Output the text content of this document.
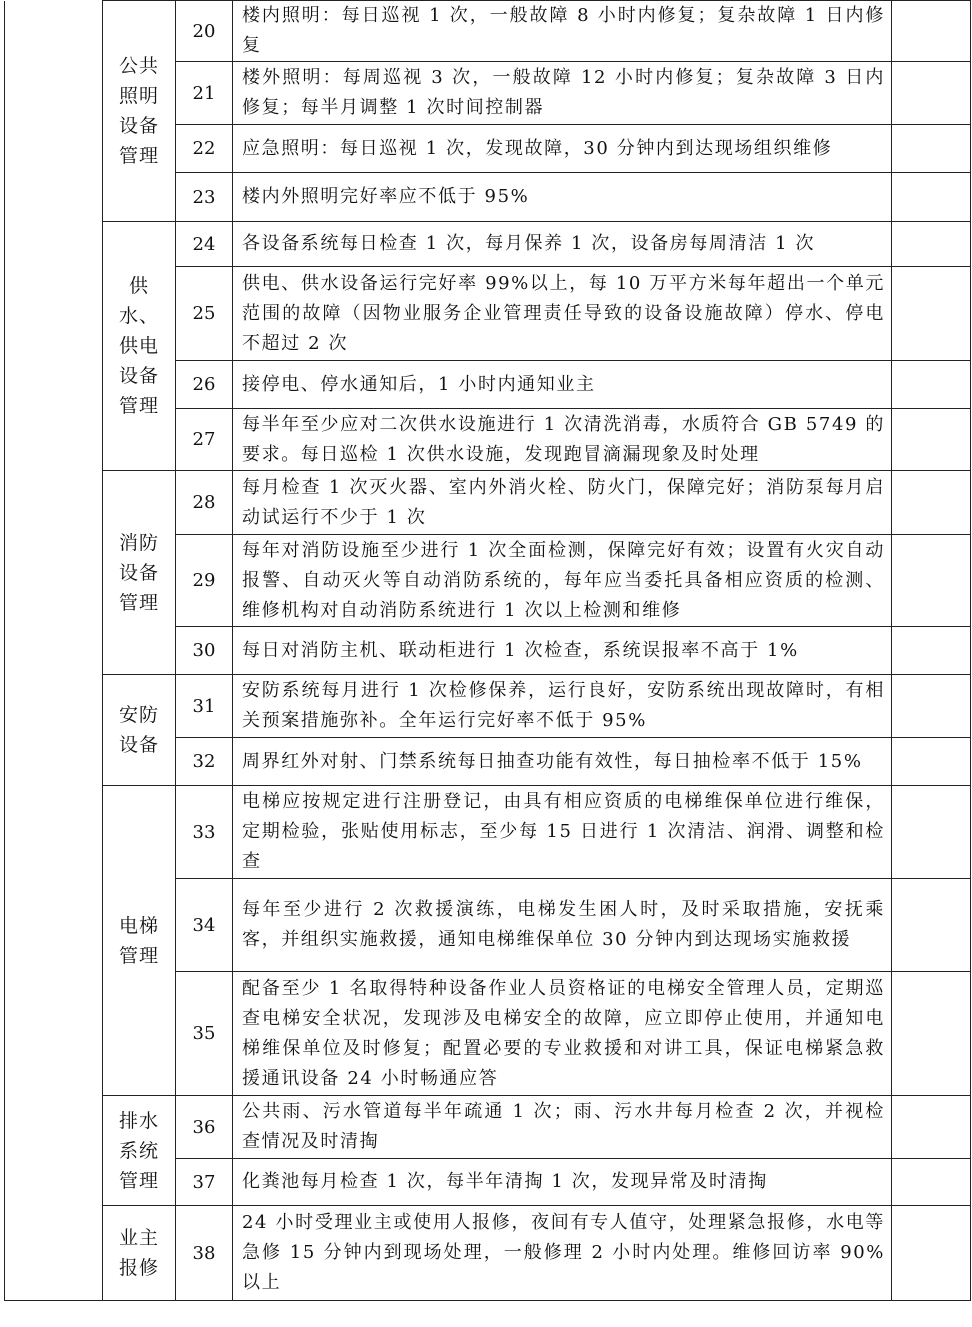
	公共照明设备管理	20	楼内照明：每日巡视 1 次，一般故障 8 小时内修复；复杂故障 1 日内修复	
		21	楼外照明：每周巡视 3 次，一般故障 12 小时内修复；复杂故障 3 日内修复；每半月调整 1 次时间控制器	
		22	应急照明：每日巡视 1 次，发现故障，30 分钟内到达现场组织维修	
		23	楼内外照明完好率应不低于 95%	
	供水、供电设备管理	24	各设备系统每日检查 1 次，每月保养 1 次，设备房每周清洁 1 次	
		25	供电、供水设备运行完好率 99%以上，每 10 万平方米每年超出一个单元范围的故障（因物业服务企业管理责任导致的设备设施故障）停水、停电不超过 2 次	
		26	接停电、停水通知后，1 小时内通知业主	
		27	每半年至少应对二次供水设施进行 1 次清洗消毒，水质符合 GB 5749 的要求。每日巡检 1 次供水设施，发现跑冒滴漏现象及时处理	
	消防设备管理	28	每月检查 1 次灭火器、室内外消火栓、防火门，保障完好；消防泵每月启动试运行不少于 1 次	
		29	每年对消防设施至少进行 1 次全面检测，保障完好有效；设置有火灾自动报警、自动灭火等自动消防系统的，每年应当委托具备相应资质的检测、维修机构对自动消防系统进行 1 次以上检测和维修	
		30	每日对消防主机、联动柜进行 1 次检查，系统误报率不高于 1%	
	安防设备	31	安防系统每月进行 1 次检修保养，运行良好，安防系统出现故障时，有相关预案措施弥补。全年运行完好率不低于 95%	
		32	周界红外对射、门禁系统每日抽查功能有效性，每日抽检率不低于 15%	
	电梯管理	33	电梯应按规定进行注册登记，由具有相应资质的电梯维保单位进行维保，定期检验，张贴使用标志，至少每 15 日进行 1 次清洁、润滑、调整和检查	
		34	每年至少进行 2 次救援演练，电梯发生困人时，及时采取措施，安抚乘客，并组织实施救援，通知电梯维保单位 30 分钟内到达现场实施救援	
		35	配备至少 1 名取得特种设备作业人员资格证的电梯安全管理人员，定期巡查电梯安全状况，发现涉及电梯安全的故障，应立即停止使用，并通知电梯维保单位及时修复；配置必要的专业救援和对讲工具，保证电梯紧急救援通讯设备 24 小时畅通应答	
	排水系统管理	36	公共雨、污水管道每半年疏通 1 次；雨、污水井每月检查 2 次，并视检查情况及时清掏	
		37	化粪池每月检查 1 次，每半年清掏 1 次，发现异常及时清掏	
	业主报修	38	24 小时受理业主或使用人报修，夜间有专人值守，处理紧急报修，水电等急修 15 分钟内到现场处理，一般修理 2 小时内处理。维修回访率 90%以上	
